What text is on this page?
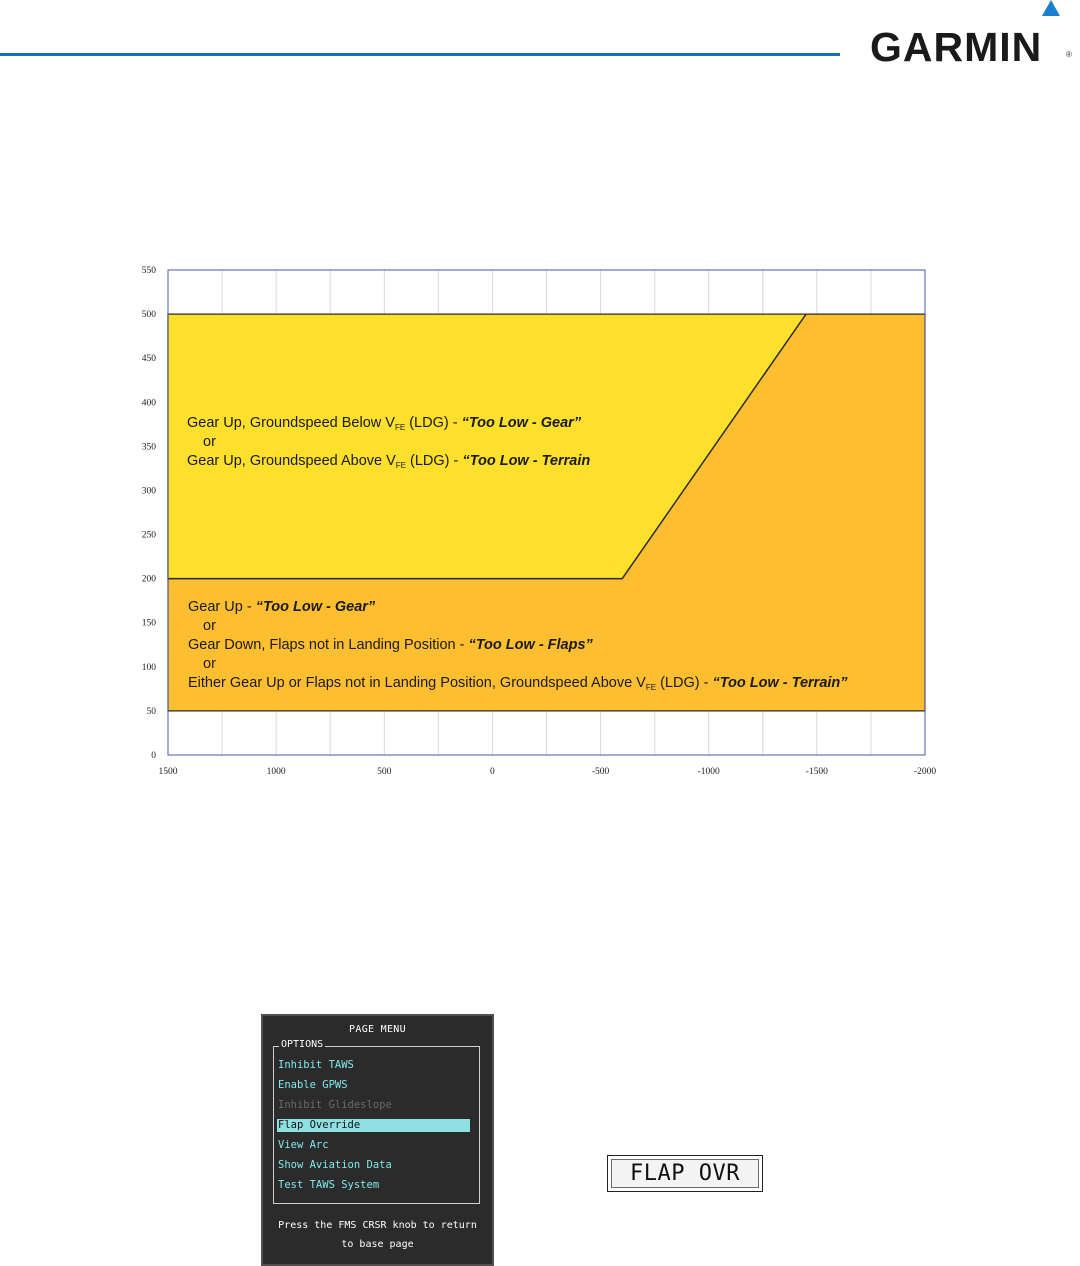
GARMIN	®
550
500
450
400
350
300
250
200
150
100
50
0
1500	1000	500	0	-500	-1000	-1500	-2000
Gear Up, Groundspeed Below $V_{FE}$ (LDG) - “Too Low - Gear”
or
Gear Up, Groundspeed Above $V_{FE}$ (LDG) - “Too Low - Terrain
Gear Up - “Too Low - Gear”
or
Gear Down, Flaps not in Landing Position - “Too Low - Flaps”
or
Either Gear Up or Flaps not in Landing Position, Groundspeed Above $V_{FE}$ (LDG) - “Too Low - Terrain”
PAGE MENU
OPTIONS
Inhibit TAWS
Enable GPWS
Inhibit Glideslope
Flap Override
View Arc
Show Aviation Data
Test TAWS System
Press the FMS CRSR knob to return
to base page
FLAP OVR
